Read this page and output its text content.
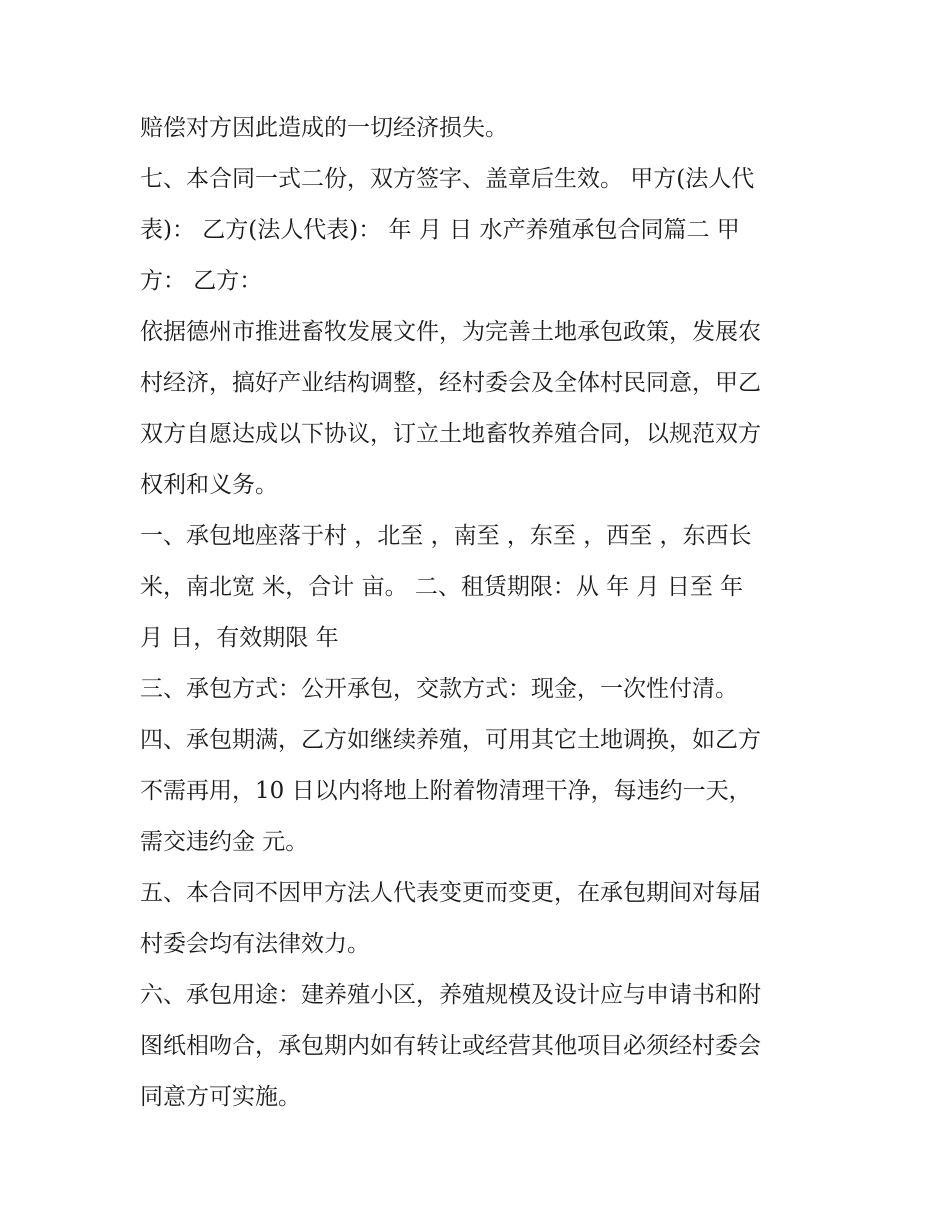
赔偿对方因此造成的一切经济损失。
七、本合同一式二份，双方签字、盖章后生效。 甲方(法人代
表)： 乙方(法人代表)： 年 月 日 水产养殖承包合同篇二 甲
方： 乙方：
依据德州市推进畜牧发展文件，为完善土地承包政策，发展农
村经济，搞好产业结构调整，经村委会及全体村民同意，甲乙
双方自愿达成以下协议，订立土地畜牧养殖合同，以规范双方
权利和义务。
一、承包地座落于村 ，北至 ，南至 ，东至 ，西至 ，东西长
米，南北宽 米，合计 亩。 二、租赁期限：从 年 月 日至 年
月 日，有效期限 年
三、承包方式：公开承包，交款方式：现金，一次性付清。
四、承包期满，乙方如继续养殖，可用其它土地调换，如乙方
不需再用，10 日以内将地上附着物清理干净，每违约一天，
需交违约金 元。
五、本合同不因甲方法人代表变更而变更，在承包期间对每届
村委会均有法律效力。
六、承包用途：建养殖小区，养殖规模及设计应与申请书和附
图纸相吻合，承包期内如有转让或经营其他项目必须经村委会
同意方可实施。
